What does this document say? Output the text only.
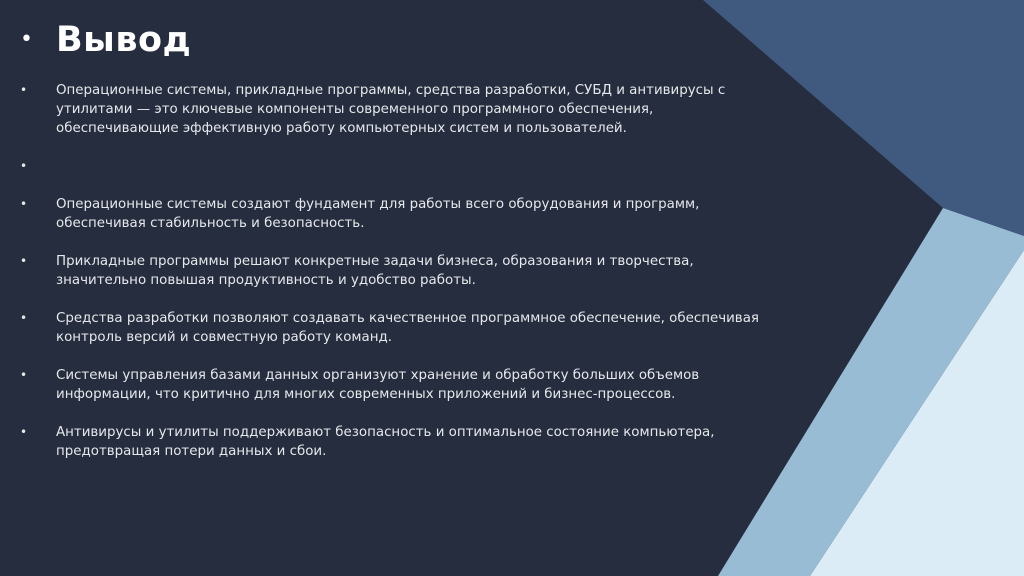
• Вывод
• Операционные системы, прикладные программы, средства разработки, СУБД и антивирусы с утилитами — это ключевые компоненты современного программного обеспечения, обеспечивающие эффективную работу компьютерных систем и пользователей.
•
• Операционные системы создают фундамент для работы всего оборудования и программ, обеспечивая стабильность и безопасность.
• Прикладные программы решают конкретные задачи бизнеса, образования и творчества, значительно повышая продуктивность и удобство работы.
• Средства разработки позволяют создавать качественное программное обеспечение, обеспечивая контроль версий и совместную работу команд.
• Системы управления базами данных организуют хранение и обработку больших объемов информации, что критично для многих современных приложений и бизнес-процессов.
• Антивирусы и утилиты поддерживают безопасность и оптимальное состояние компьютера, предотвращая потери данных и сбои.
